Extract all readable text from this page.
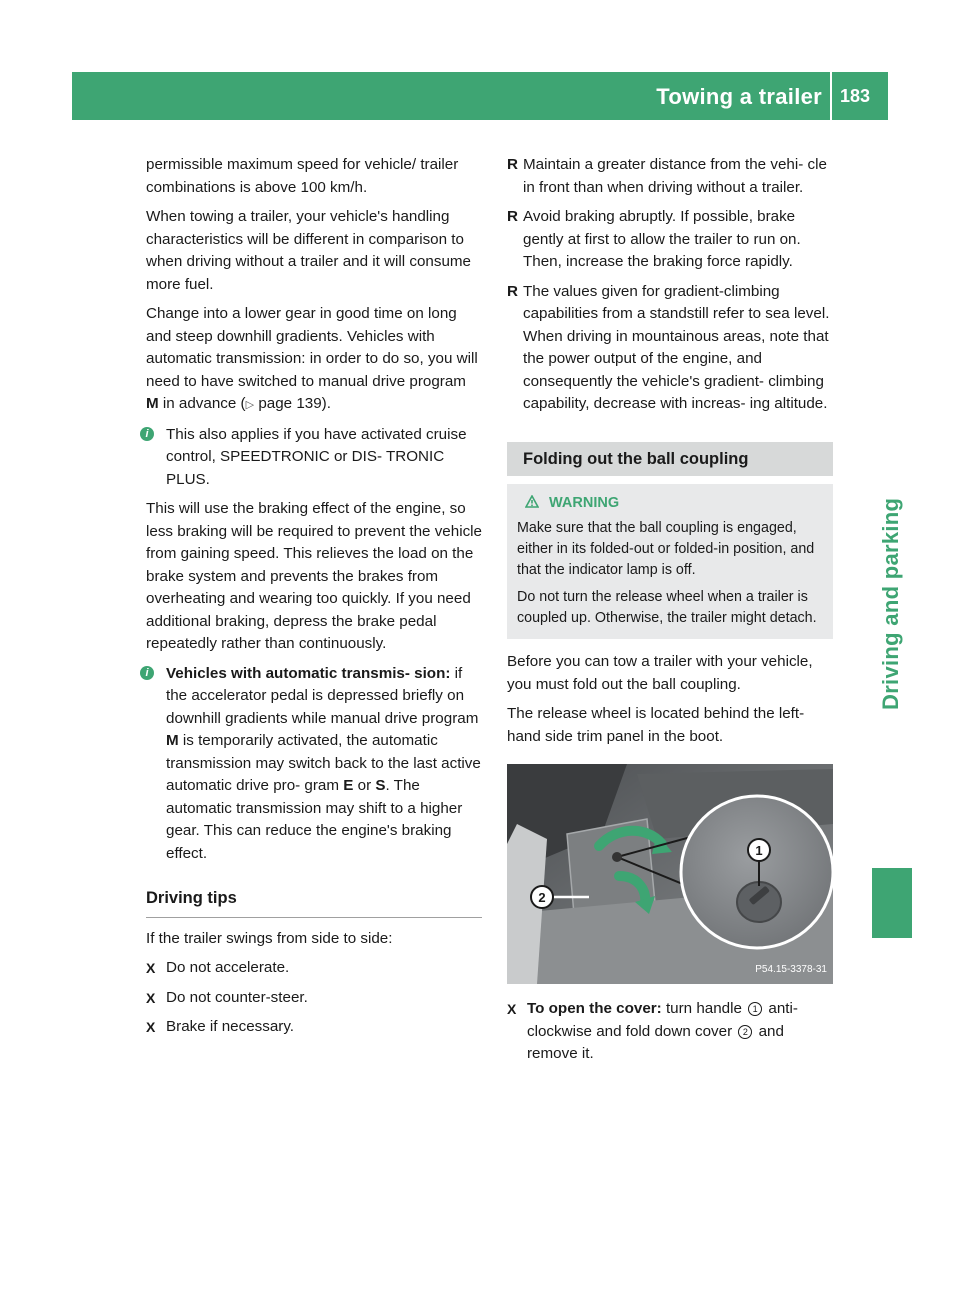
Towing a trailer 183
Driving and parking

permissible maximum speed for vehicle/ trailer combinations is above 100 km/h.

When towing a trailer, your vehicle's handling characteristics will be different in comparison to when driving without a trailer and it will consume more fuel.

Change into a lower gear in good time on long and steep downhill gradients. Vehicles with automatic transmission: in order to do so, you will need to have switched to manual drive program M in advance (▷ page 139).

i	This also applies if you have activated cruise control, SPEEDTRONIC or DIS- TRONIC PLUS.

This will use the braking effect of the engine, so less braking will be required to prevent the vehicle from gaining speed. This relieves the load on the brake system and prevents the brakes from overheating and wearing too quickly. If you need additional braking, depress the brake pedal repeatedly rather than continuously.

i	Vehicles with automatic transmis- sion: if the accelerator pedal is depressed briefly on downhill gradients while manual drive program M is temporarily activated, the automatic transmission may switch back to the last active automatic drive pro- gram E or S. The automatic transmission may shift to a higher gear. This can reduce the engine's braking effect.
Driving tips

If the trailer swings from side to side:

X Do not accelerate.
X Do not counter-steer.
X Brake if necessary.
R Maintain a greater distance from the vehi- cle in front than when driving without a trailer.
R Avoid braking abruptly. If possible, brake gently at first to allow the trailer to run on. Then, increase the braking force rapidly.
R The values given for gradient-climbing capabilities from a standstill refer to sea level. When driving in mountainous areas, note that the power output of the engine, and consequently the vehicle's gradient- climbing capability, decrease with increas- ing altitude.
Folding out the ball coupling
WARNING

Make sure that the ball coupling is engaged, either in its folded-out or folded-in position, and that the indicator lamp is off.

Do not turn the release wheel when a trailer is coupled up. Otherwise, the trailer might detach.

Before you can tow a trailer with your vehicle, you must fold out the ball coupling.

The release wheel is located behind the left- hand side trim panel in the boot.

1
2
P54.15-3378-31
X To open the cover: turn handle 1 anti- clockwise and fold down cover 2 and remove it.
